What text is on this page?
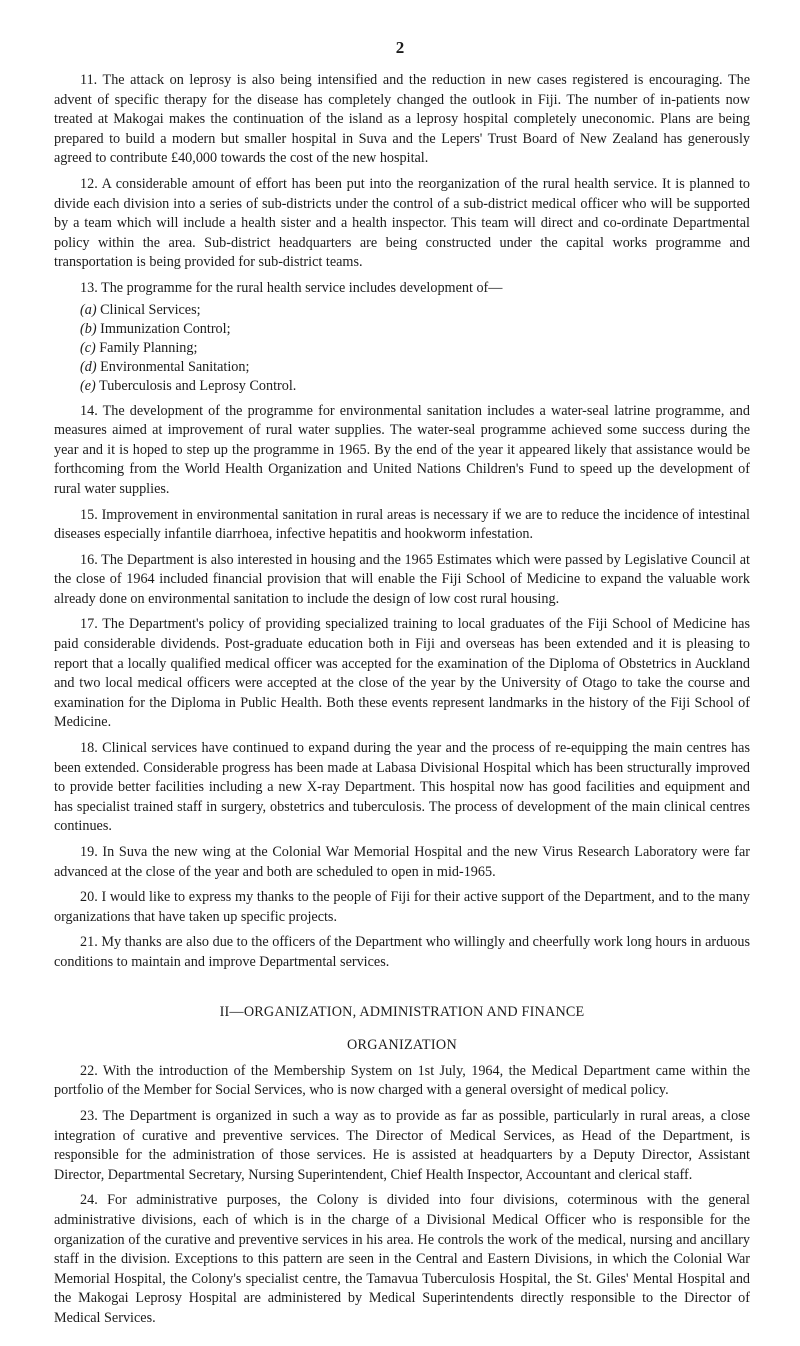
2

11. The attack on leprosy is also being intensified and the reduction in new cases registered is encouraging. The advent of specific therapy for the disease has completely changed the outlook in Fiji. The number of in-patients now treated at Makogai makes the continuation of the island as a leprosy hospital completely uneconomic. Plans are being prepared to build a modern but smaller hospital in Suva and the Lepers' Trust Board of New Zealand has generously agreed to contribute £40,000 towards the cost of the new hospital.

12. A considerable amount of effort has been put into the reorganization of the rural health service. It is planned to divide each division into a series of sub-districts under the control of a sub-district medical officer who will be supported by a team which will include a health sister and a health inspector. This team will direct and co-ordinate Departmental policy within the area. Sub-district headquarters are being constructed under the capital works programme and transportation is being provided for sub-district teams.

13. The programme for the rural health service includes development of—

(a) Clinical Services;
(b) Immunization Control;
(c) Family Planning;
(d) Environmental Sanitation;
(e) Tuberculosis and Leprosy Control.

14. The development of the programme for environmental sanitation includes a water-seal latrine programme, and measures aimed at improvement of rural water supplies. The water-seal programme achieved some success during the year and it is hoped to step up the programme in 1965. By the end of the year it appeared likely that assistance would be forthcoming from the World Health Organization and United Nations Children's Fund to speed up the development of rural water supplies.

15. Improvement in environmental sanitation in rural areas is necessary if we are to reduce the incidence of intestinal diseases especially infantile diarrhoea, infective hepatitis and hookworm infestation.

16. The Department is also interested in housing and the 1965 Estimates which were passed by Legislative Council at the close of 1964 included financial provision that will enable the Fiji School of Medicine to expand the valuable work already done on environmental sanitation to include the design of low cost rural housing.

17. The Department's policy of providing specialized training to local graduates of the Fiji School of Medicine has paid considerable dividends. Post-graduate education both in Fiji and overseas has been extended and it is pleasing to report that a locally qualified medical officer was accepted for the examination of the Diploma of Obstetrics in Auckland and two local medical officers were accepted at the close of the year by the University of Otago to take the course and examination for the Diploma in Public Health. Both these events represent landmarks in the history of the Fiji School of Medicine.

18. Clinical services have continued to expand during the year and the process of re-equipping the main centres has been extended. Considerable progress has been made at Labasa Divisional Hospital which has been structurally improved to provide better facilities including a new X-ray Department. This hospital now has good facilities and equipment and has specialist trained staff in surgery, obstetrics and tuberculosis. The process of development of the main clinical centres continues.

19. In Suva the new wing at the Colonial War Memorial Hospital and the new Virus Research Laboratory were far advanced at the close of the year and both are scheduled to open in mid-1965.

20. I would like to express my thanks to the people of Fiji for their active support of the Department, and to the many organizations that have taken up specific projects.

21. My thanks are also due to the officers of the Department who willingly and cheerfully work long hours in arduous conditions to maintain and improve Departmental services.

II—ORGANIZATION, ADMINISTRATION AND FINANCE
ORGANIZATION

22. With the introduction of the Membership System on 1st July, 1964, the Medical Department came within the portfolio of the Member for Social Services, who is now charged with a general oversight of medical policy.

23. The Department is organized in such a way as to provide as far as possible, particularly in rural areas, a close integration of curative and preventive services. The Director of Medical Services, as Head of the Department, is responsible for the administration of those services. He is assisted at headquarters by a Deputy Director, Assistant Director, Departmental Secretary, Nursing Superintendent, Chief Health Inspector, Accountant and clerical staff.

24. For administrative purposes, the Colony is divided into four divisions, coterminous with the general administrative divisions, each of which is in the charge of a Divisional Medical Officer who is responsible for the organization of the curative and preventive services in his area. He controls the work of the medical, nursing and ancillary staff in the division. Exceptions to this pattern are seen in the Central and Eastern Divisions, in which the Colonial War Memorial Hospital, the Colony's specialist centre, the Tamavua Tuberculosis Hospital, the St. Giles' Mental Hospital and the Makogai Leprosy Hospital are administered by Medical Superintendents directly responsible to the Director of Medical Services.
